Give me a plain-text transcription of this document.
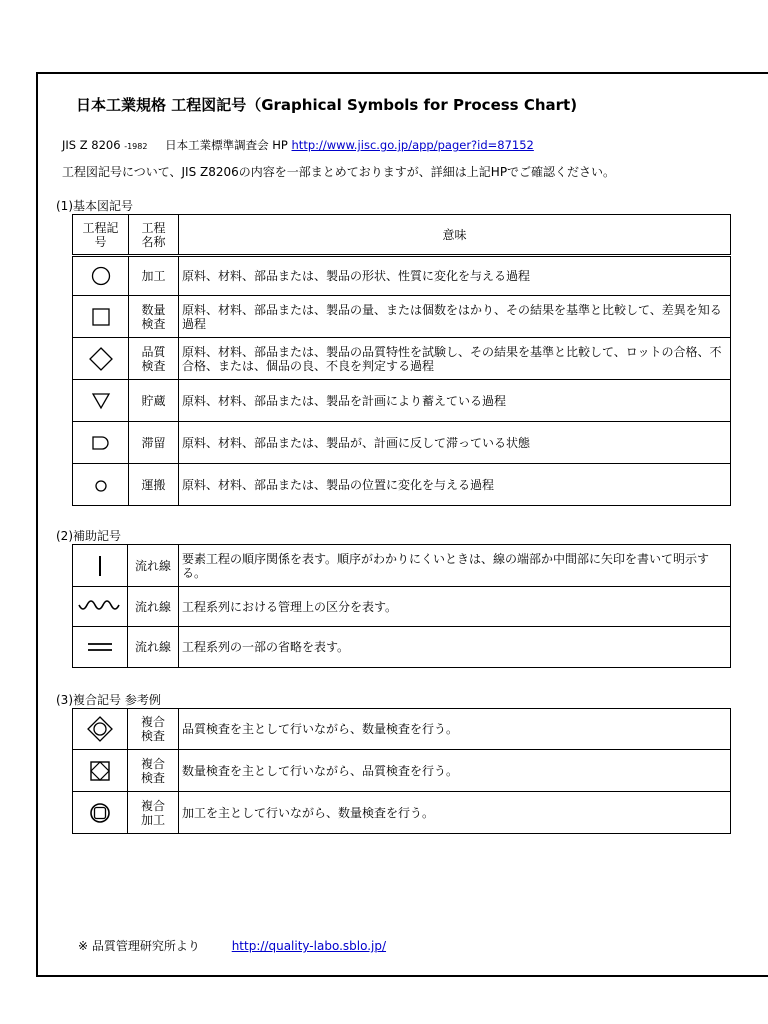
日本工業規格 工程図記号（Graphical Symbols for Process Chart)
JIS Z 8206 -1982 日本工業標準調査会 HP http://www.jisc.go.jp/app/pager?id=87152
工程図記号について、JIS Z8206の内容を一部まとめておりますが、詳細は上記HPでご確認ください。
(1)基本図記号
工程記号	工程名称	意味

	加工	原料、材料、部品または、製品の形状、性質に変化を与える過程

	数量検査	原料、材料、部品または、製品の量、または個数をはかり、その結果を基準と比較して、差異を知る過程

	品質検査	原料、材料、部品または、製品の品質特性を試験し、その結果を基準と比較して、ロットの合格、不合格、または、個品の良、不良を判定する過程

	貯蔵	原料、材料、部品または、製品を計画により蓄えている過程

	滞留	原料、材料、部品または、製品が、計画に反して滞っている状態

	運搬	原料、材料、部品または、製品の位置に変化を与える過程
(2)補助記号
	流れ線	要素工程の順序関係を表す。順序がわかりにくいときは、線の端部か中間部に矢印を書いて明示する。

	流れ線	工程系列における管理上の区分を表す。

	流れ線	工程系列の一部の省略を表す。
(3)複合記号 参考例
	複合検査	品質検査を主として行いながら、数量検査を行う。

	複合検査	数量検査を主として行いながら、品質検査を行う。

	複合加工	加工を主として行いながら、数量検査を行う。
※ 品質管理研究所より	http://quality-labo.sblo.jp/
